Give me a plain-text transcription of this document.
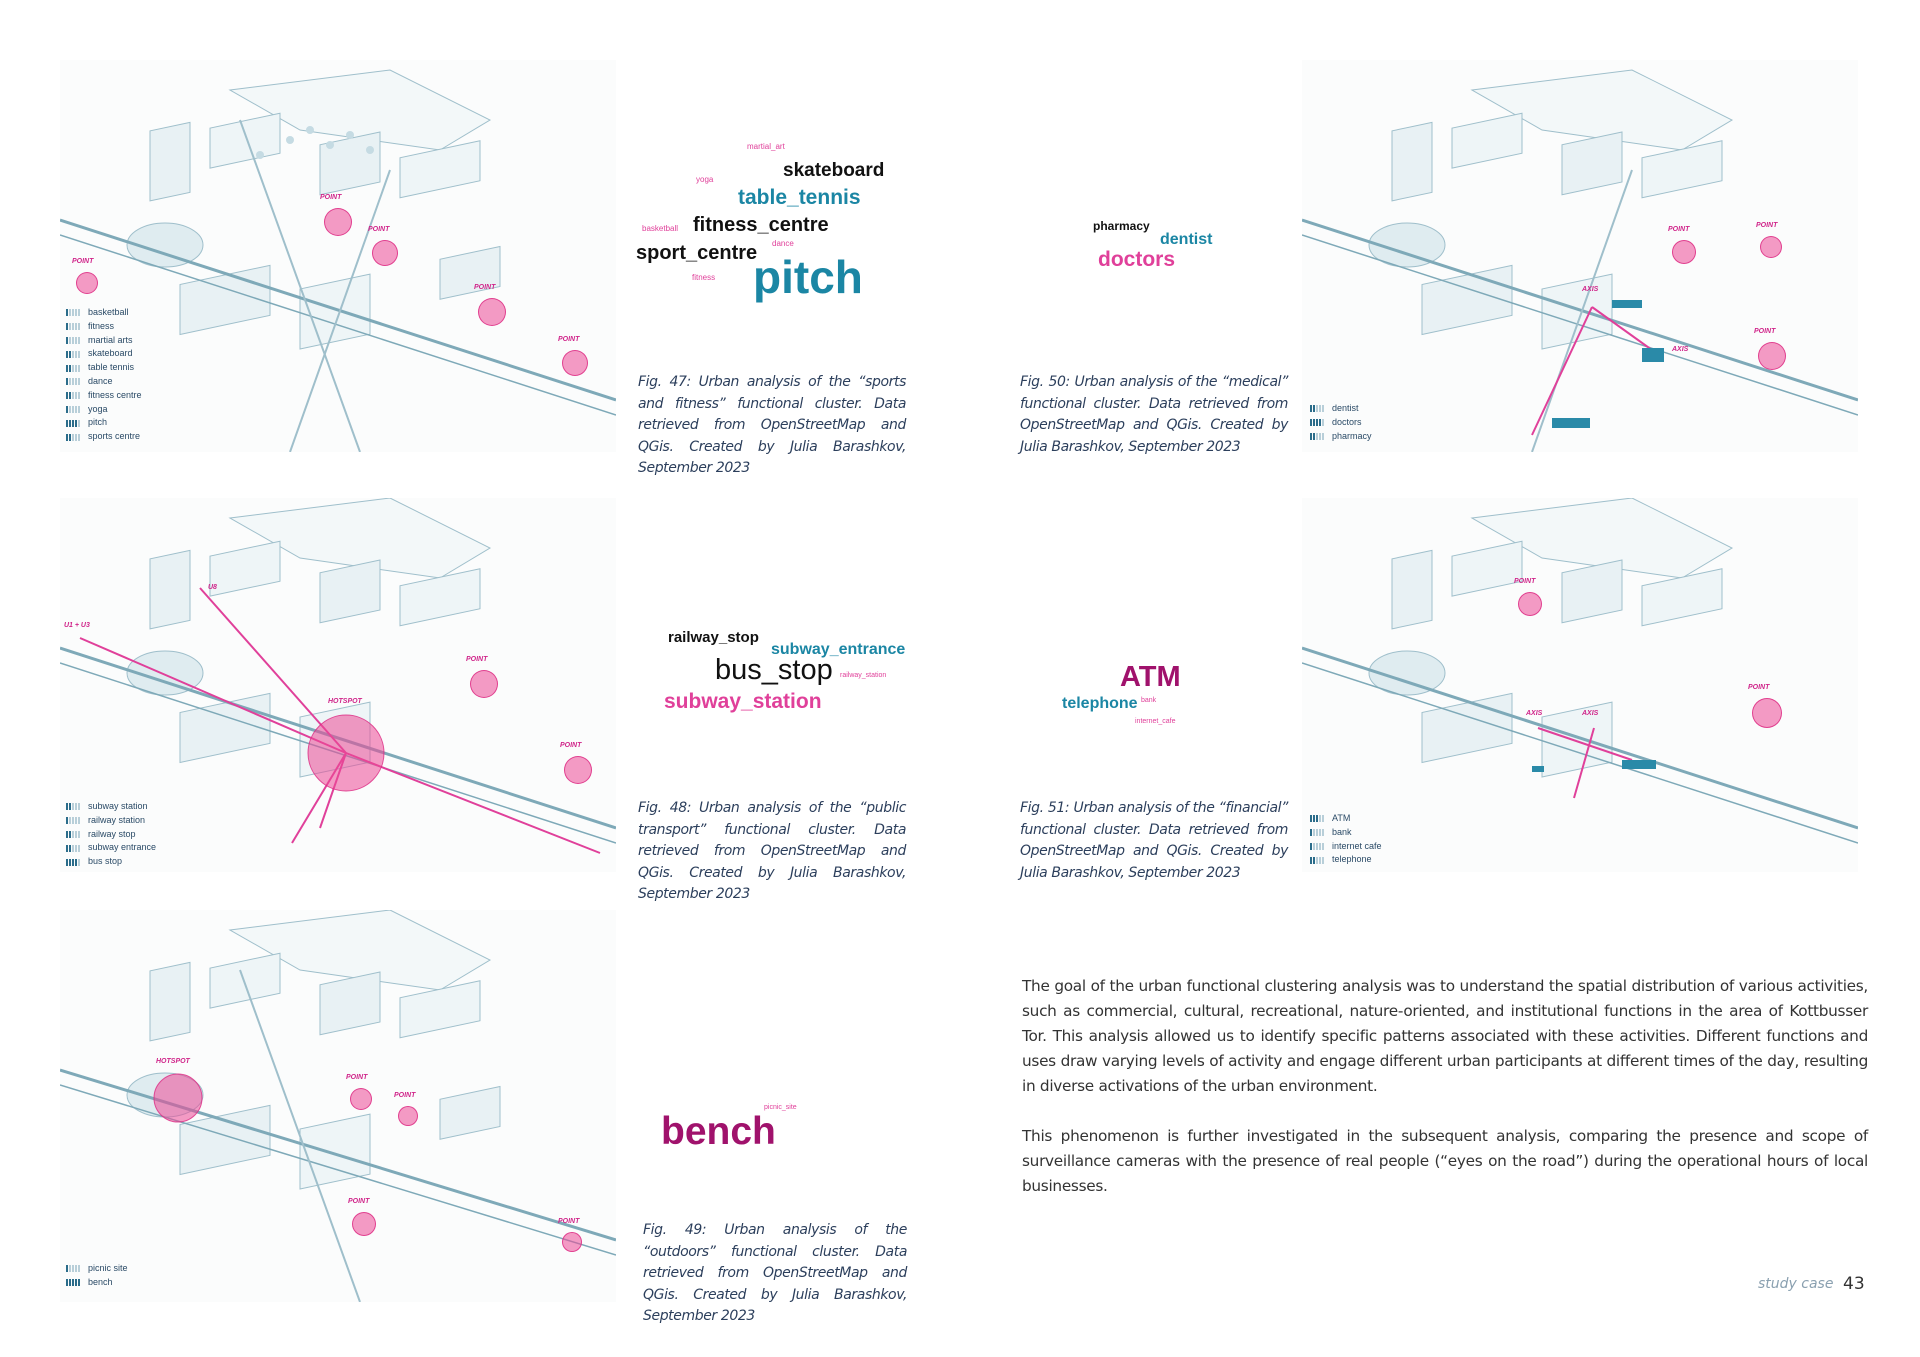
POINT
POINT
POINT
POINT
POINT
basketball
fitness
martial arts
skateboard
table tennis
dance
fitness centre
yoga
pitch
sports centre
martial_art
yoga	skateboard
table_tennis
basketball fitness_centre
sport_centre dance
fitness pitch
Fig. 47: Urban analysis of the “sports and fitness” functional cluster. Data retrieved from OpenStreetMap and QGis. Created by Julia Barashkov, September 2023
POINT
POINT
POINT
AXIS
AXIS
dentist
doctors
pharmacy
pharmacy
dentist
doctors
Fig. 50: Urban analysis of the “medical” functional cluster. Data retrieved from OpenStreetMap and QGis. Created by Julia Barashkov, September 2023
U8
U1 + U3
HOTSPOT
POINT
POINT
subway station
railway station
railway stop
subway entrance
bus stop
railway_stop
subway_entrance
bus_stop railway_station
subway_station
Fig. 48: Urban analysis of the “public transport” functional cluster. Data retrieved from OpenStreetMap and QGis. Created by Julia Barashkov, September 2023
POINT
POINT
AXIS	AXIS
ATM
bank
internet cafe
telephone
ATM
telephone bank
internet_cafe
Fig. 51: Urban analysis of the “financial” functional cluster. Data retrieved from OpenStreetMap and QGis. Created by Julia Barashkov, September 2023
HOTSPOT
POINT
POINT
POINT
POINT
picnic site
bench
picnic_site
bench
Fig. 49: Urban analysis of the “outdoors” functional cluster. Data retrieved from OpenStreetMap and QGis. Created by Julia Barashkov, September 2023

The goal of the urban functional clustering analysis was to understand the spatial distribution of various activities, such as commercial, cultural, recreational, nature-oriented, and institutional functions in the area of Kottbusser Tor. This analysis allowed us to identify specific patterns associated with these activities. Different functions and uses draw varying levels of activity and engage different urban participants at different times of the day, resulting in diverse activations of the urban environment.

This phenomenon is further investigated in the subsequent analysis, comparing the presence and scope of surveillance cameras with the presence of real people (“eyes on the road”) during the operational hours of local businesses.

study case 43
